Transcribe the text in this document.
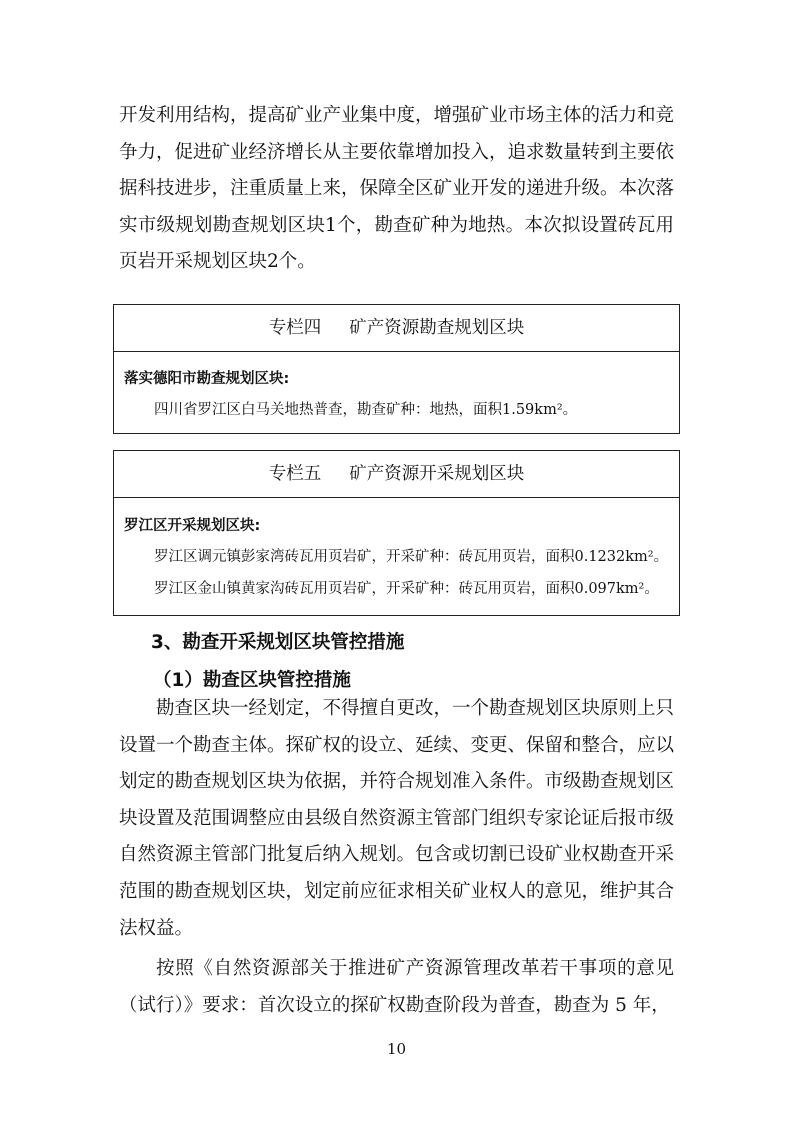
开发利用结构，提高矿业产业集中度，增强矿业市场主体的活力和竞争力，促进矿业经济增长从主要依靠增加投入，追求数量转到主要依据科技进步，注重质量上来，保障全区矿业开发的递进升级。本次落实市级规划勘查规划区块1个，勘查矿种为地热。本次拟设置砖瓦用页岩开采规划区块2个。

专栏四 矿产资源勘查规划区块

落实德阳市勘查规划区块:

四川省罗江区白马关地热普查，勘查矿种：地热，面积1.59km²。

专栏五 矿产资源开采规划区块

罗江区开采规划区块:

罗江区调元镇彭家湾砖瓦用页岩矿，开采矿种：砖瓦用页岩，面积0.1232km²。

罗江区金山镇黄家沟砖瓦用页岩矿，开采矿种：砖瓦用页岩，面积0.097km²。

3、勘查开采规划区块管控措施

（1）勘查区块管控措施

勘查区块一经划定，不得擅自更改，一个勘查规划区块原则上只设置一个勘查主体。探矿权的设立、延续、变更、保留和整合，应以划定的勘查规划区块为依据，并符合规划准入条件。市级勘查规划区块设置及范围调整应由县级自然资源主管部门组织专家论证后报市级自然资源主管部门批复后纳入规划。包含或切割已设矿业权勘查开采范围的勘查规划区块，划定前应征求相关矿业权人的意见，维护其合法权益。

按照《自然资源部关于推进矿产资源管理改革若干事项的意见（试行）》要求：首次设立的探矿权勘查阶段为普查，勘查为 5 年，

10
